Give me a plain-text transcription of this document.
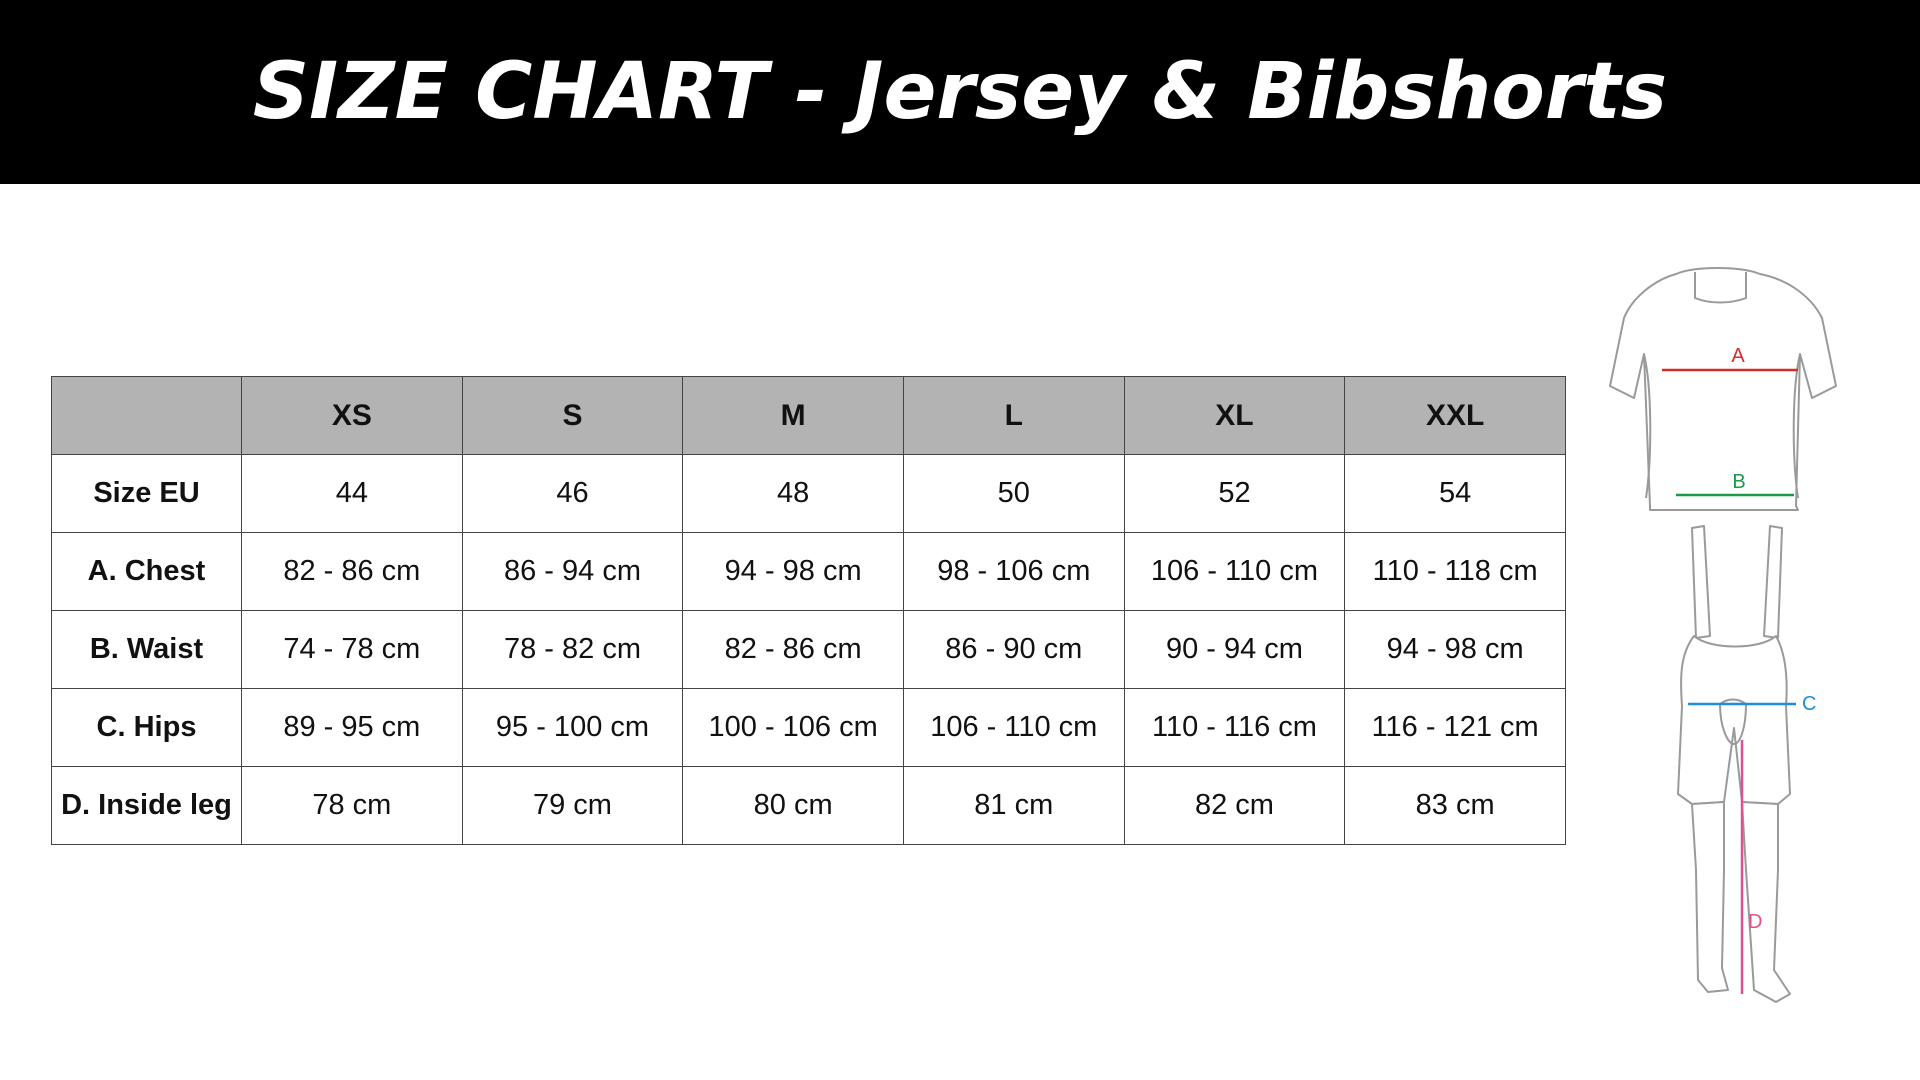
SIZE CHART - Jersey & Bibshorts
	XS	S	M	L	XL	XXL
Size EU	44	46	48	50	52	54
A. Chest	82 - 86 cm	86 - 94 cm	94 - 98 cm	98 - 106 cm	106 - 110 cm	110 - 118 cm
B. Waist	74 - 78 cm	78 - 82 cm	82 - 86 cm	86 - 90 cm	90 - 94 cm	94 - 98 cm
C. Hips	89 - 95 cm	95 - 100 cm	100 - 106 cm	106 - 110 cm	110 - 116 cm	116 - 121 cm
D. Inside leg	78 cm	79 cm	80 cm	81 cm	82 cm	83 cm
A
B
C
D
